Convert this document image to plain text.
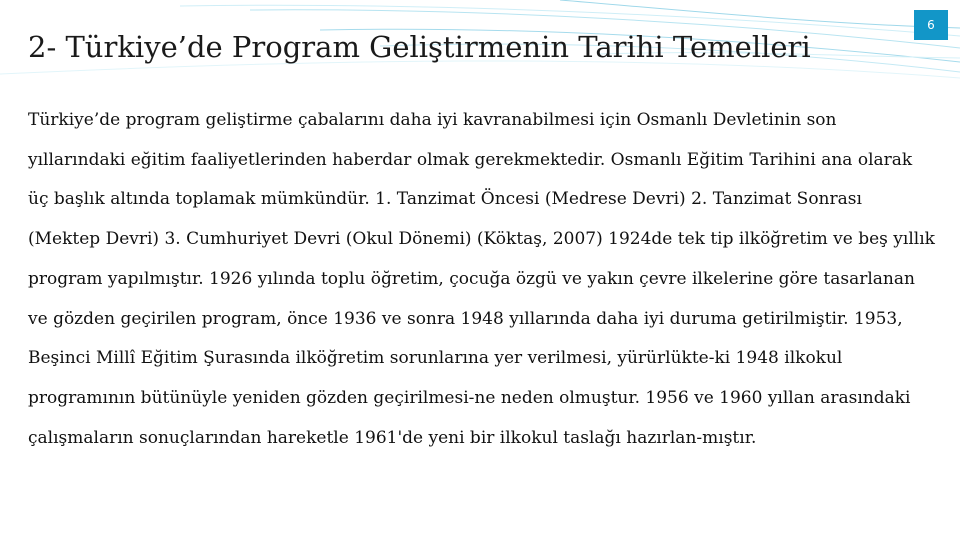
6
2- Türkiye’de Program Geliştirmenin Tarihi Temelleri

Türkiye’de program geliştirme çabalarını daha iyi kavranabilmesi için Osmanlı Devletinin son yıllarındaki eğitim faaliyetlerinden haberdar olmak gerekmektedir. Osmanlı Eğitim Tarihini ana olarak üç başlık altında toplamak mümkündür. 1. Tanzimat Öncesi (Medrese Devri) 2. Tanzimat Sonrası (Mektep Devri) 3. Cumhuriyet Devri (Okul Dönemi) (Köktaş, 2007) 1924de tek tip ilköğretim ve beş yıllık program yapılmıştır. 1926 yılında toplu öğretim, çocuğa özgü ve yakın çevre ilkelerine göre tasarlanan ve gözden geçirilen program, önce 1936 ve sonra 1948 yıllarında daha iyi duruma getirilmiştir. 1953, Beşinci Millî Eğitim Şurasında ilköğretim sorunlarına yer verilmesi, yürürlükte-ki 1948 ilkokul programının bütünüyle yeniden gözden geçirilmesi-ne neden olmuştur. 1956 ve 1960 yıllan arasındaki çalışmaların sonuçlarından hareketle 1961'de yeni bir ilkokul taslağı hazırlan-mıştır.
